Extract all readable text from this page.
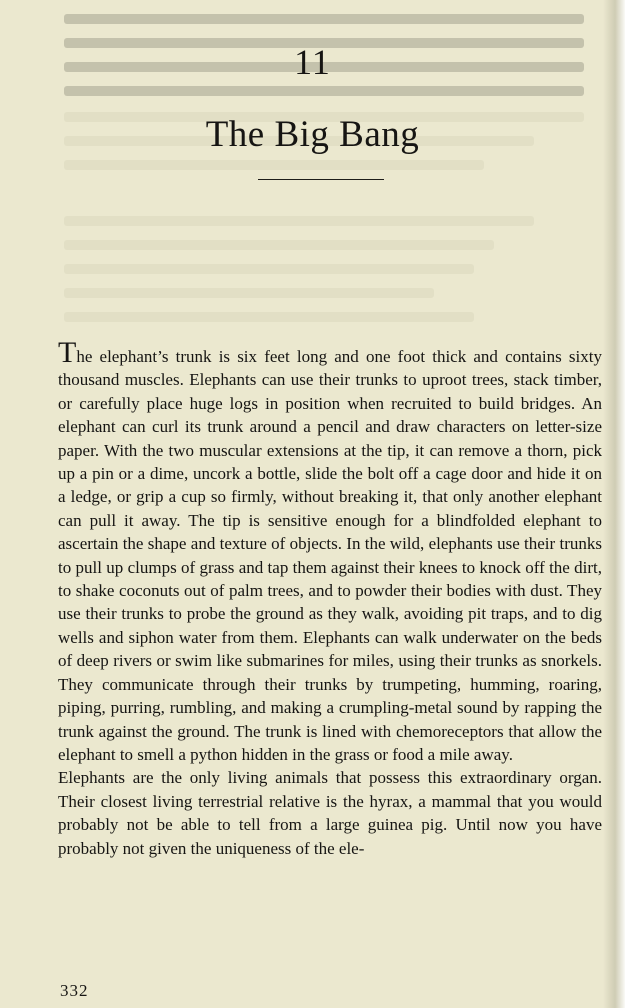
11
The Big Bang

The elephant’s trunk is six feet long and one foot thick and contains sixty thousand muscles. Elephants can use their trunks to uproot trees, stack timber, or carefully place huge logs in position when recruited to build bridges. An elephant can curl its trunk around a pencil and draw characters on letter-size paper. With the two muscular extensions at the tip, it can remove a thorn, pick up a pin or a dime, uncork a bottle, slide the bolt off a cage door and hide it on a ledge, or grip a cup so firmly, without breaking it, that only another elephant can pull it away. The tip is sensitive enough for a blindfolded elephant to ascertain the shape and texture of objects. In the wild, elephants use their trunks to pull up clumps of grass and tap them against their knees to knock off the dirt, to shake coconuts out of palm trees, and to powder their bodies with dust. They use their trunks to probe the ground as they walk, avoiding pit traps, and to dig wells and siphon water from them. Elephants can walk underwater on the beds of deep rivers or swim like submarines for miles, using their trunks as snorkels. They communicate through their trunks by trumpeting, humming, roaring, piping, purring, rumbling, and making a crumpling-metal sound by rapping the trunk against the ground. The trunk is lined with chemoreceptors that allow the elephant to smell a python hidden in the grass or food a mile away.

Elephants are the only living animals that possess this extraordinary organ. Their closest living terrestrial relative is the hyrax, a mammal that you would probably not be able to tell from a large guinea pig. Until now you have probably not given the uniqueness of the ele-

332
